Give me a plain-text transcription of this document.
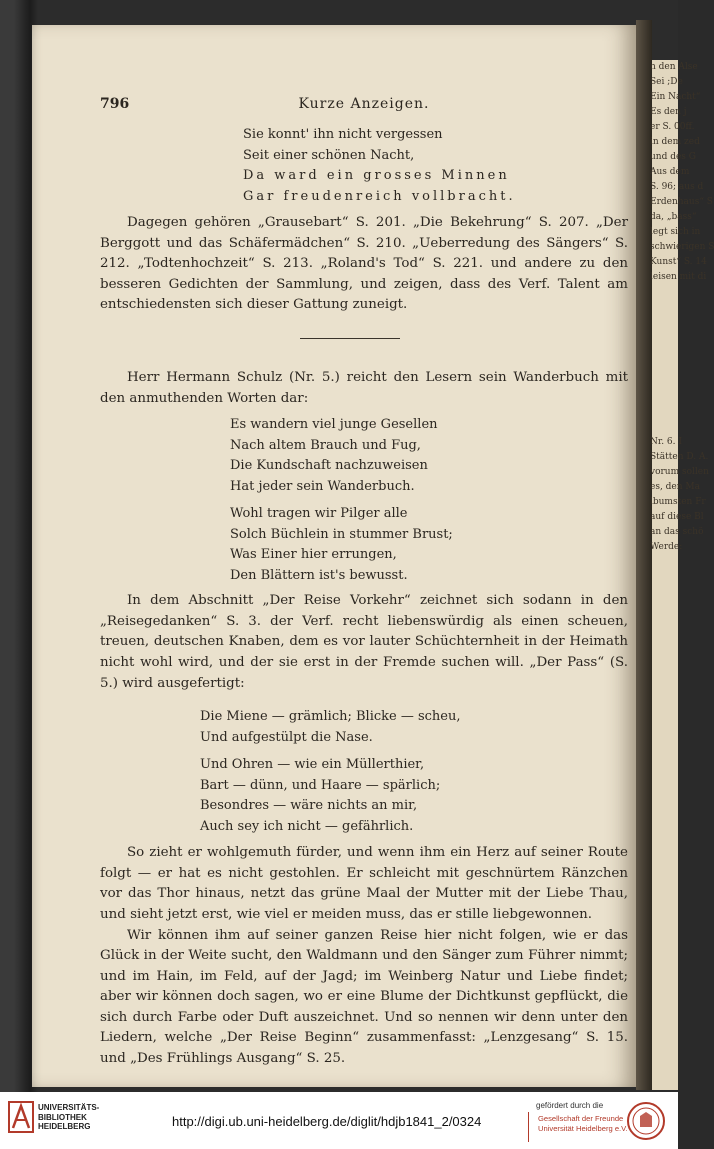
n den Alse
Sei ;De
Ein Nacht“
Es den j
er S. 00ff.
in dem zed
und des G
Aus dem
S. 96; aus d
Erdenhaus“ S
da, „bass“
legt sich in
schwierigen S
Kunst“ S. 14
leisen mit di
Nr. 6. I
Stätten D. A.
vorum sollen
es, den Ma
lbumsten Fr
auf diese Bl
an das schö
Werde:
796	Kurze Anzeigen.
Sie konnt' ihn nicht vergessen
Seit einer schönen Nacht,
Da ward ein grosses Minnen
Gar freudenreich vollbracht.

Dagegen gehören „Grausebart“ S. 201. „Die Bekehrung“ S. 207. „Der Berggott und das Schäfermädchen“ S. 210. „Ueberredung des Sängers“ S. 212. „Todtenhochzeit“ S. 213. „Roland's Tod“ S. 221. und andere zu den besseren Gedichten der Sammlung, und zeigen, dass des Verf. Talent am entschiedensten sich dieser Gattung zuneigt.

Herr Hermann Schulz (Nr. 5.) reicht den Lesern sein Wanderbuch mit den anmuthenden Worten dar:

Es wandern viel junge Gesellen
Nach altem Brauch und Fug,
Die Kundschaft nachzuweisen
Hat jeder sein Wanderbuch.
Wohl tragen wir Pilger alle
Solch Büchlein in stummer Brust;
Was Einer hier errungen,
Den Blättern ist's bewusst.

In dem Abschnitt „Der Reise Vorkehr“ zeichnet sich sodann in den „Reisegedanken“ S. 3. der Verf. recht liebenswürdig als einen scheuen, treuen, deutschen Knaben, dem es vor lauter Schüchternheit in der Heimath nicht wohl wird, und der sie erst in der Fremde suchen will. „Der Pass“ (S. 5.) wird ausgefertigt:

Die Miene — grämlich; Blicke — scheu,
Und aufgestülpt die Nase.
Und Ohren — wie ein Müllerthier,
Bart — dünn, und Haare — spärlich;
Besondres — wäre nichts an mir,
Auch sey ich nicht — gefährlich.

So zieht er wohlgemuth fürder, und wenn ihm ein Herz auf seiner Route folgt — er hat es nicht gestohlen. Er schleicht mit geschnürtem Ränzchen vor das Thor hinaus, netzt das grüne Maal der Mutter mit der Liebe Thau, und sieht jetzt erst, wie viel er meiden muss, das er stille liebgewonnen.

Wir können ihm auf seiner ganzen Reise hier nicht folgen, wie er das Glück in der Weite sucht, den Waldmann und den Sänger zum Führer nimmt; und im Hain, im Feld, auf der Jagd; im Weinberg Natur und Liebe findet; aber wir können doch sagen, wo er eine Blume der Dichtkunst gepflückt, die sich durch Farbe oder Duft auszeichnet. Und so nennen wir denn unter den Liedern, welche „Der Reise Beginn“ zusammenfasst: „Lenzgesang“ S. 15. und „Des Frühlings Ausgang“ S. 25.

UNIVERSITÄTS-
BIBLIOTHEK
HEIDELBERG	http://digi.ub.uni-heidelberg.de/diglit/hdjb1841_2/0324
gefördert durch die
Gesellschaft der Freunde
Universität Heidelberg e.V.
